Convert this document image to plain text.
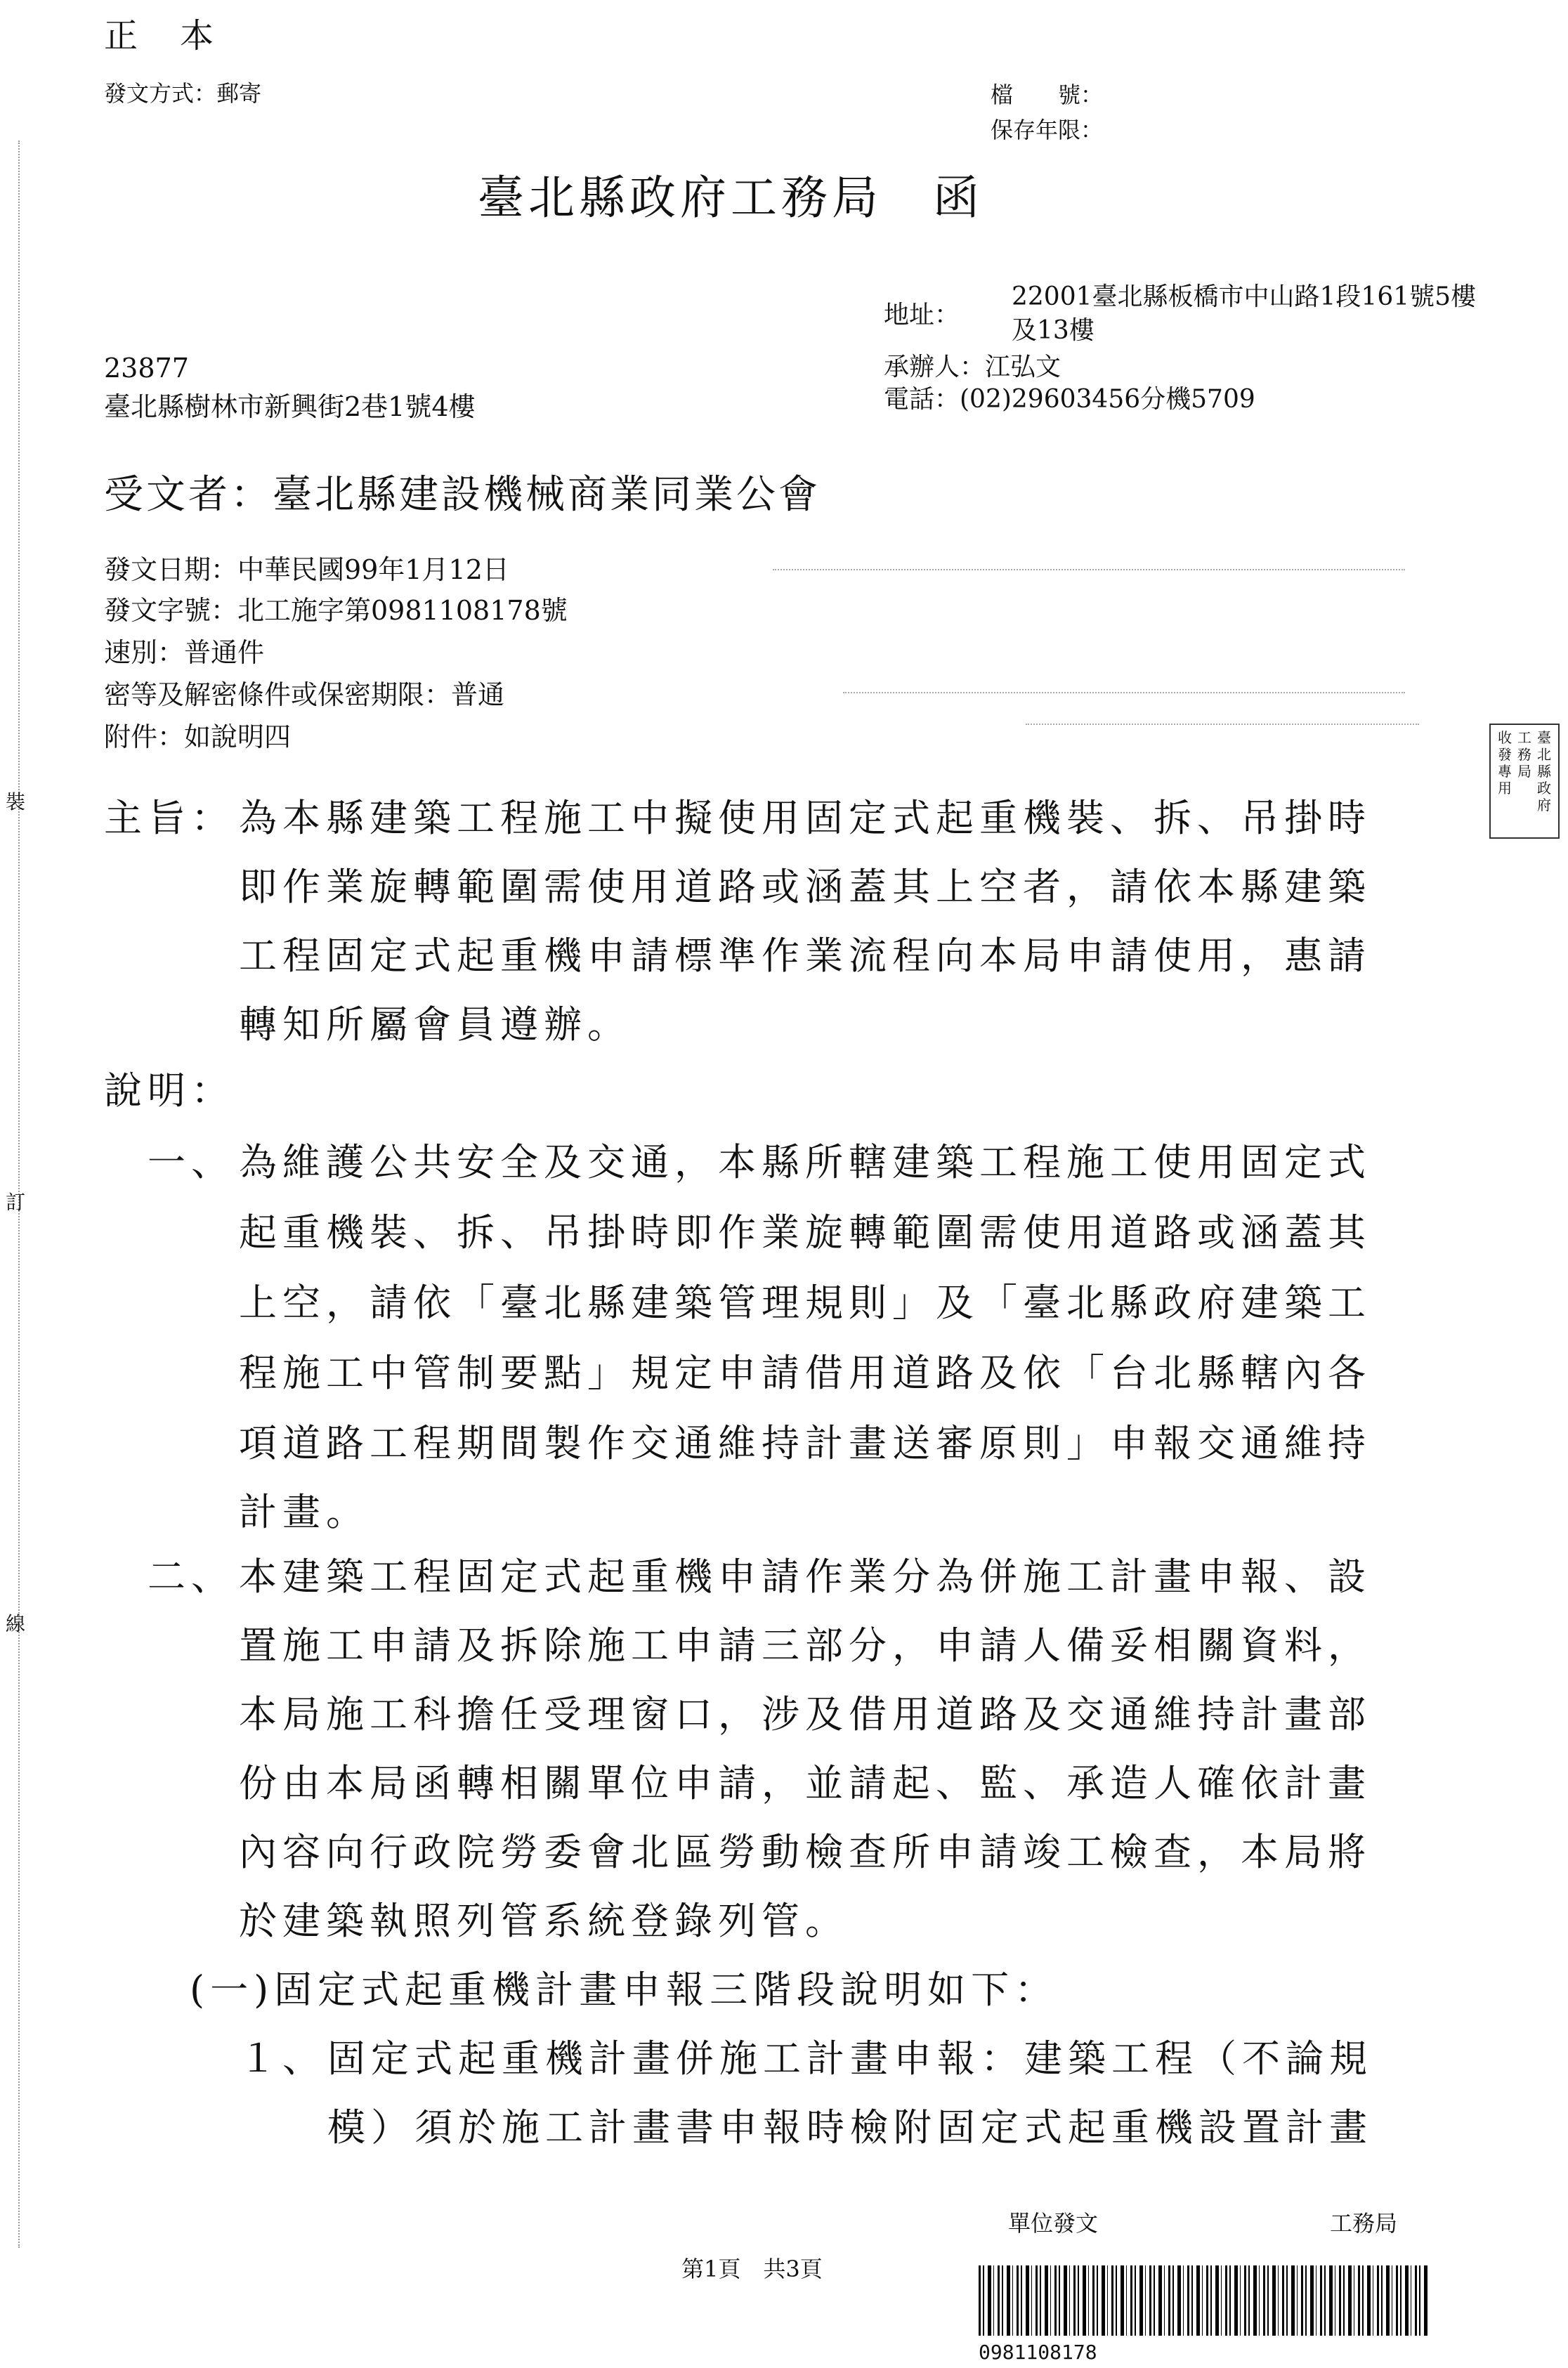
裝
訂
線
正　本
發文方式：郵寄	檔　　號：
保存年限：
臺北縣政府工務局　函
地址：
22001臺北縣板橋市中山路1段161號5樓
及13樓
承辦人：江弘文
電話：(02)29603456分機5709
23877
臺北縣樹林市新興街2巷1號4樓
受文者：臺北縣建設機械商業同業公會
發文日期：中華民國99年1月12日
發文字號：北工施字第0981108178號
速別：普通件
密等及解密條件或保密期限：普通
附件：如說明四	臺北縣政府
工務局
收發專用
主旨： 為本縣建築工程施工中擬使用固定式起重機裝、拆、吊掛時
即作業旋轉範圍需使用道路或涵蓋其上空者，請依本縣建築
工程固定式起重機申請標準作業流程向本局申請使用，惠請
轉知所屬會員遵辦。
說明：
一、 為維護公共安全及交通，本縣所轄建築工程施工使用固定式
起重機裝、拆、吊掛時即作業旋轉範圍需使用道路或涵蓋其
上空，請依「臺北縣建築管理規則」及「臺北縣政府建築工
程施工中管制要點」規定申請借用道路及依「台北縣轄內各
項道路工程期間製作交通維持計畫送審原則」申報交通維持
計畫。
二、 本建築工程固定式起重機申請作業分為併施工計畫申報、設
置施工申請及拆除施工申請三部分，申請人備妥相關資料，
本局施工科擔任受理窗口，涉及借用道路及交通維持計畫部
份由本局函轉相關單位申請，並請起、監、承造人確依計畫
內容向行政院勞委會北區勞動檢查所申請竣工檢查，本局將
於建築執照列管系統登錄列管。
(一)固定式起重機計畫申報三階段說明如下：
１、 固定式起重機計畫併施工計畫申報：建築工程（不論規
模）須於施工計畫書申報時檢附固定式起重機設置計畫
單位發文	工務局
第1頁　共3頁
0981108178
